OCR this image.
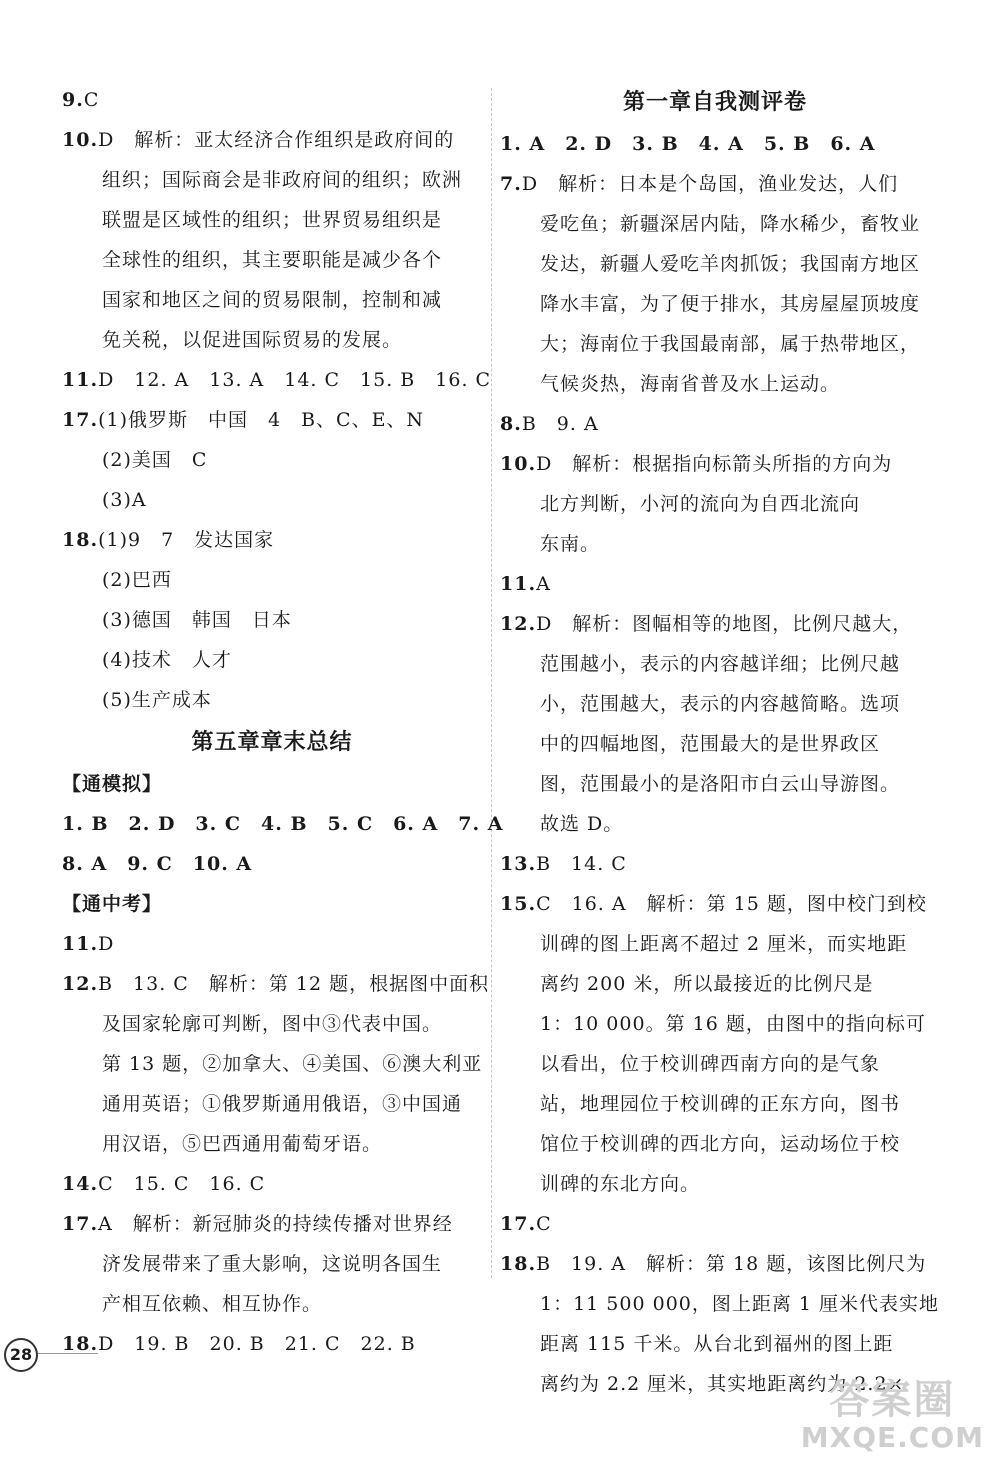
9.C
10.D　解析：亚太经济合作组织是政府间的
组织；国际商会是非政府间的组织；欧洲
联盟是区域性的组织；世界贸易组织是
全球性的组织，其主要职能是减少各个
国家和地区之间的贸易限制，控制和减
免关税，以促进国际贸易的发展。
11.D　12. A　13. A　14. C　15. B　16. C
17.(1)俄罗斯　中国　4　B、C、E、N
(2)美国　C
(3)A
18.(1)9　7　发达国家
(2)巴西
(3)德国　韩国　日本
(4)技术　人才
(5)生产成本
第五章章末总结
【通模拟】
1. B　2. D　3. C　4. B　5. C　6. A　7. A
8. A　9. C　10. A
【通中考】
11.D
12.B　13. C　解析：第 12 题，根据图中面积
及国家轮廓可判断，图中③代表中国。
第 13 题，②加拿大、④美国、⑥澳大利亚
通用英语；①俄罗斯通用俄语，③中国通
用汉语，⑤巴西通用葡萄牙语。
14.C　15. C　16. C
17.A　解析：新冠肺炎的持续传播对世界经
济发展带来了重大影响，这说明各国生
产相互依赖、相互协作。
18.D　19. B　20. B　21. C　22. B
第一章自我测评卷
1. A　2. D　3. B　4. A　5. B　6. A
7.D　解析：日本是个岛国，渔业发达，人们
爱吃鱼；新疆深居内陆，降水稀少，畜牧业
发达，新疆人爱吃羊肉抓饭；我国南方地区
降水丰富，为了便于排水，其房屋屋顶坡度
大；海南位于我国最南部，属于热带地区，
气候炎热，海南省普及水上运动。
8.B　9. A
10.D　解析：根据指向标箭头所指的方向为
北方判断，小河的流向为自西北流向
东南。
11.A
12.D　解析：图幅相等的地图，比例尺越大，
范围越小，表示的内容越详细；比例尺越
小，范围越大，表示的内容越简略。选项
中的四幅地图，范围最大的是世界政区
图，范围最小的是洛阳市白云山导游图。
故选 D。
13.B　14. C
15.C　16. A　解析：第 15 题，图中校门到校
训碑的图上距离不超过 2 厘米，而实地距
离约 200 米，所以最接近的比例尺是
1：10 000。第 16 题，由图中的指向标可
以看出，位于校训碑西南方向的是气象
站，地理园位于校训碑的正东方向，图书
馆位于校训碑的西北方向，运动场位于校
训碑的东北方向。
17.C
18.B　19. A　解析：第 18 题，该图比例尺为
1：11 500 000，图上距离 1 厘米代表实地
距离 115 千米。从台北到福州的图上距
离约为 2.2 厘米，其实地距离约为 2.2×
28
答案圈
MXQE.COM
